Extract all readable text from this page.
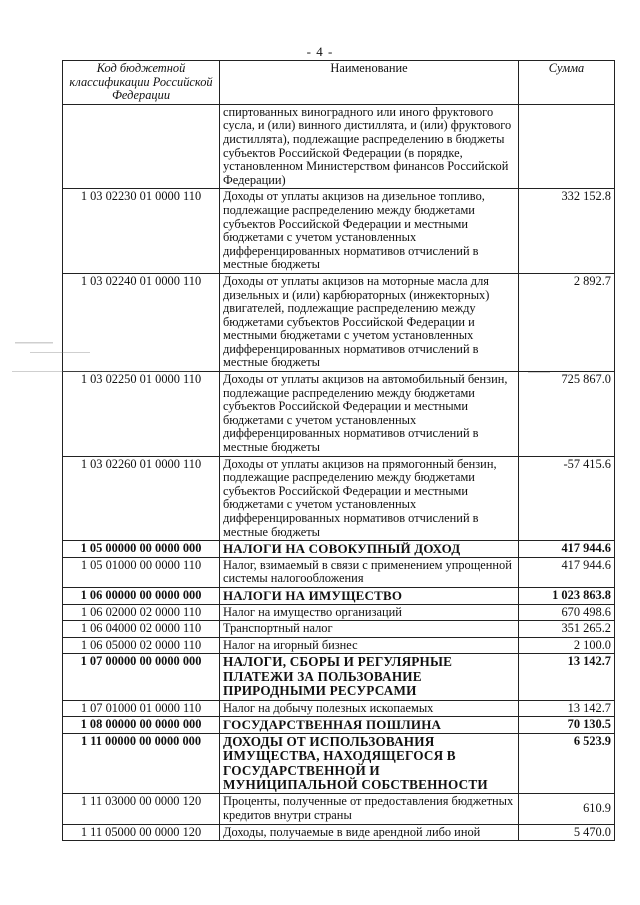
- 4 -
Код бюджетной классификации Российской Федерации	Наименование	Сумма
	спиртованных виноградного или иного фруктового сусла, и (или) винного дистиллята, и (или) фруктового дистиллята), подлежащие распределению в бюджеты субъектов Российской Федерации (в порядке, установленном Министерством финансов Российской Федерации)	
1 03 02230 01 0000 110	Доходы от уплаты акцизов на дизельное топливо, подлежащие распределению между бюджетами субъектов Российской Федерации и местными бюджетами с учетом установленных дифференцированных нормативов отчислений в местные бюджеты	332 152.8
1 03 02240 01 0000 110	Доходы от уплаты акцизов на моторные масла для дизельных и (или) карбюраторных (инжекторных) двигателей, подлежащие распределению между бюджетами субъектов Российской Федерации и местными бюджетами с учетом установленных дифференцированных нормативов отчислений в местные бюджеты	2 892.7
1 03 02250 01 0000 110	Доходы от уплаты акцизов на автомобильный бензин, подлежащие распределению между бюджетами субъектов Российской Федерации и местными бюджетами с учетом установленных дифференцированных нормативов отчислений в местные бюджеты	725 867.0
1 03 02260 01 0000 110	Доходы от уплаты акцизов на прямогонный бензин, подлежащие распределению между бюджетами субъектов Российской Федерации и местными бюджетами с учетом установленных дифференцированных нормативов отчислений в местные бюджеты	-57 415.6
1 05 00000 00 0000 000	НАЛОГИ НА СОВОКУПНЫЙ ДОХОД	417 944.6
1 05 01000 00 0000 110	Налог, взимаемый в связи с применением упрощенной системы налогообложения	417 944.6
1 06 00000 00 0000 000	НАЛОГИ НА ИМУЩЕСТВО	1 023 863.8
1 06 02000 02 0000 110	Налог на имущество организаций	670 498.6
1 06 04000 02 0000 110	Транспортный налог	351 265.2
1 06 05000 02 0000 110	Налог на игорный бизнес	2 100.0
1 07 00000 00 0000 000	НАЛОГИ, СБОРЫ И РЕГУЛЯРНЫЕ ПЛАТЕЖИ ЗА ПОЛЬЗОВАНИЕ ПРИРОДНЫМИ РЕСУРСАМИ	13 142.7
1 07 01000 01 0000 110	Налог на добычу полезных ископаемых	13 142.7
1 08 00000 00 0000 000	ГОСУДАРСТВЕННАЯ ПОШЛИНА	70 130.5
1 11 00000 00 0000 000	ДОХОДЫ ОТ ИСПОЛЬЗОВАНИЯ ИМУЩЕСТВА, НАХОДЯЩЕГОСЯ В ГОСУДАРСТВЕННОЙ И МУНИЦИПАЛЬНОЙ СОБСТВЕННОСТИ	6 523.9
1 11 03000 00 0000 120	Проценты, полученные от предоставления бюджетных кредитов внутри страны	610.9
1 11 05000 00 0000 120	Доходы, получаемые в виде арендной либо иной	5 470.0
